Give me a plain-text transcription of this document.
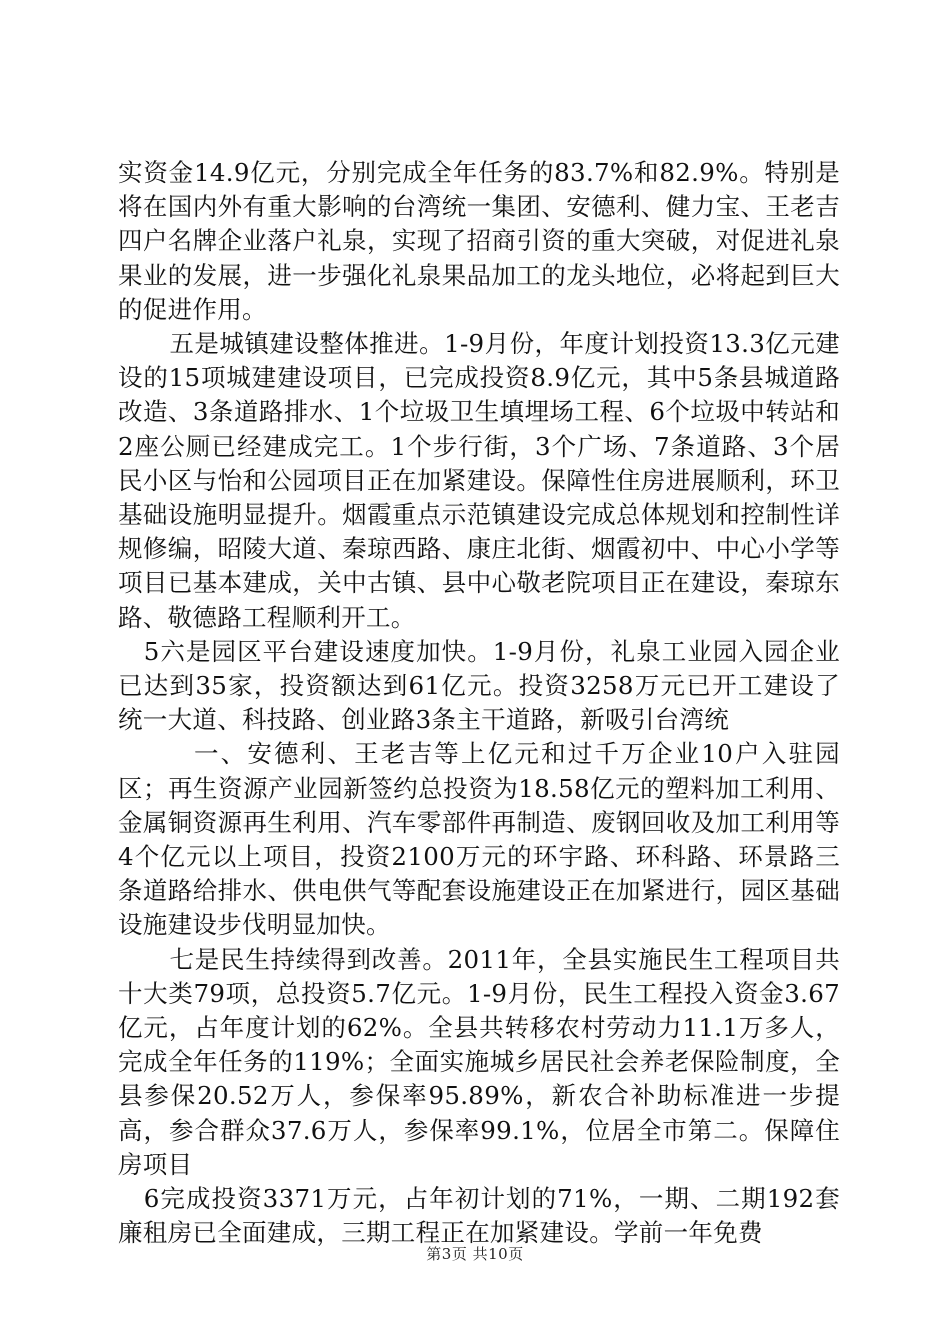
实资金14.9亿元，分别完成全年任务的83.7%和82.9%。特别是将在国内外有重大影响的台湾统一集团、安德利、健力宝、王老吉四户名牌企业落户礼泉，实现了招商引资的重大突破，对促进礼泉果业的发展，进一步强化礼泉果品加工的龙头地位，必将起到巨大的促进作用。

五是城镇建设整体推进。1-9月份，年度计划投资13.3亿元建设的15项城建建设项目，已完成投资8.9亿元，其中5条县城道路改造、3条道路排水、1个垃圾卫生填埋场工程、6个垃圾中转站和2座公厕已经建成完工。1个步行街，3个广场、7条道路、3个居民小区与怡和公园项目正在加紧建设。保障性住房进展顺利，环卫基础设施明显提升。烟霞重点示范镇建设完成总体规划和控制性详规修编，昭陵大道、秦琼西路、康庄北街、烟霞初中、中心小学等项目已基本建成，关中古镇、县中心敬老院项目正在建设，秦琼东路、敬德路工程顺利开工。

5六是园区平台建设速度加快。1-9月份，礼泉工业园入园企业已达到35家，投资额达到61亿元。投资3258万元已开工建设了统一大道、科技路、创业路3条主干道路，新吸引台湾统

一、安德利、王老吉等上亿元和过千万企业10户入驻园区；再生资源产业园新签约总投资为18.58亿元的塑料加工利用、金属铜资源再生利用、汽车零部件再制造、废钢回收及加工利用等4个亿元以上项目，投资2100万元的环宇路、环科路、环景路三条道路给排水、供电供气等配套设施建设正在加紧进行，园区基础设施建设步伐明显加快。

七是民生持续得到改善。2011年，全县实施民生工程项目共十大类79项，总投资5.7亿元。1-9月份，民生工程投入资金3.67亿元，占年度计划的62%。全县共转移农村劳动力11.1万多人，完成全年任务的119%；全面实施城乡居民社会养老保险制度，全县参保20.52万人，参保率95.89%，新农合补助标准进一步提高，参合群众37.6万人，参保率99.1%，位居全市第二。保障住房项目

6完成投资3371万元，占年初计划的71%，一期、二期192套廉租房已全面建成，三期工程正在加紧建设。学前一年免费

第3页 共10页
